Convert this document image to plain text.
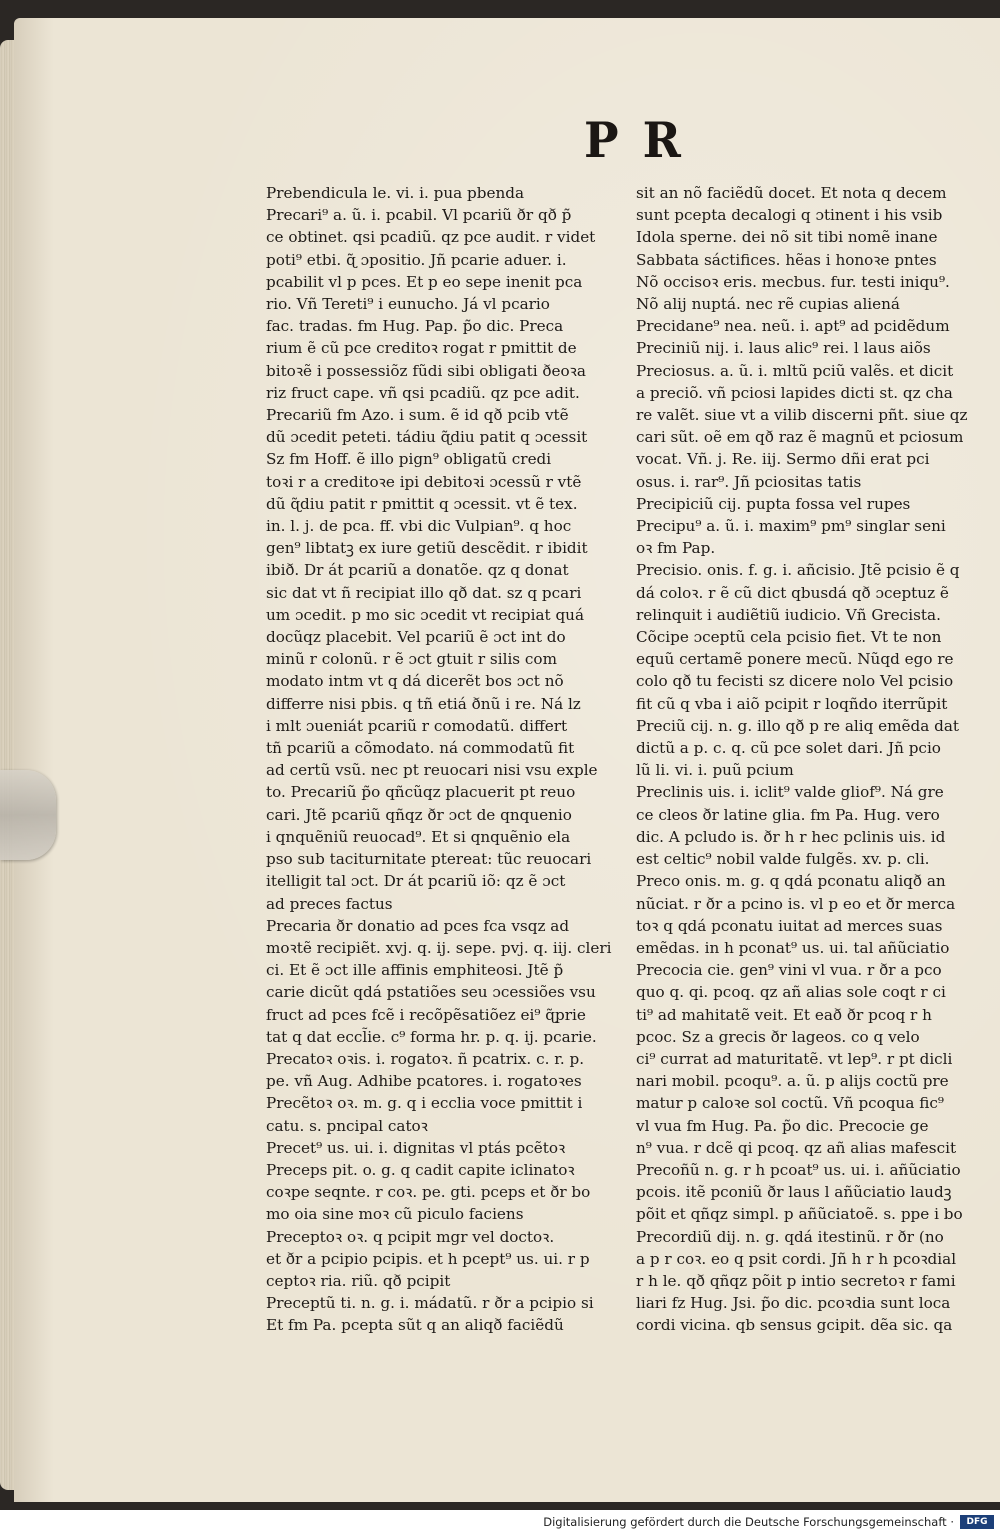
P R
Prebendicula le. vi. i. pua pbenda
Precari⁹ a. ũ. i. pcabil. Vl pcariũ ðr qð p̃
ce obtinet. qsi pcadiũ. qz pce audit. r videt
poti⁹ etbi. ɋ̃ ɔpositio. Jñ pcarie aduer. i.
pcabilit vl p pces. Et p eo sepe inenit pca
rio. Vñ Tereti⁹ i eunucho. Já vl pcario
fac. tradas. fm Hug. Pap. p̃o dic. Preca
rium ẽ cũ pce creditoꝛ rogat r pmittit de
bitoꝛẽ i possessiõz fũdi sibi obligati ðeoꝛa
riz fruct cape. vñ qsi pcadiũ. qz pce adit.
Precariũ fm Azo. i sum. ẽ id qð pcib vtẽ
dũ ɔcedit peteti. tádiu ɋ̃diu patit q ɔcessit
Sz fm Hoff. ẽ illo pign⁹ obligatũ credi
toꝛi r a creditoꝛe ipi debitoꝛi ɔcessũ r vtẽ
dũ ɋ̃diu patit r pmittit q ɔcessit. vt ẽ tex.
in. l. j. de pca. ff. vbi dic Vulpian⁹. q hoc
gen⁹ libtatꝫ ex iure getiũ descẽdit. r ibidit
ibið. Dr át pcariũ a donatõe. qz q donat
sic dat vt ñ recipiat illo qð dat. sz q pcari
um ɔcedit. p mo sic ɔcedit vt recipiat quá
docũqz placebit. Vel pcariũ ẽ ɔct int do
minũ r colonũ. r ẽ ɔct gtuit r silis com
modato intm vt q dá dicerẽt bos ɔct nõ
differre nisi pbis. q tñ etiá ðnũ i re. Ná lz
i mlt ɔueniát pcariũ r comodatũ. differt
tñ pcariũ a cõmodato. ná commodatũ fit
ad certũ vsũ. nec pt reuocari nisi vsu exple
to. Precariũ p̃o qñcũqz placuerit pt reuo
cari. Jtẽ pcariũ qñqz ðr ɔct de qnquenio
i qnquẽniũ reuocad⁹. Et si qnquẽnio ela
pso sub taciturnitate ptereat: tũc reuocari
itelligit tal ɔct. Dr át pcariũ iõ: qz ẽ ɔct
ad preces factus
Precaria ðr donatio ad pces fca vsqz ad
moꝛtẽ recipiẽt. xvj. q. ij. sepe. pvj. q. iij. cleri
ci. Et ẽ ɔct ille affinis emphiteosi. Jtẽ p̃
carie dicũt qdá pstatiões seu ɔcessiões vsu
fruct ad pces fcẽ i recõpẽsatiõez ei⁹ ɋ̃prie
tat q dat eccl̃ie. c⁹ forma hr. p. q. ij. pcarie.
Precatoꝛ oꝛis. i. rogatoꝛ. ñ pcatrix. c. r. p.
pe. vñ Aug. Adhibe pcatores. i. rogatoꝛes
Precẽtoꝛ oꝛ. m. g. q i ecclia voce pmittit i
catu. s. pncipal catoꝛ
Precet⁹ us. ui. i. dignitas vl ptás pcẽtoꝛ
Preceps pit. o. g. q cadit capite iclinatoꝛ
coꝛpe seqnte. r coꝛ. pe. gti. pceps et ðr bo
mo oia sine moꝛ cũ piculo faciens
Preceptoꝛ oꝛ. q pcipit mgr vel doctoꝛ.
et ðr a pcipio pcipis. et h pcept⁹ us. ui. r p
ceptoꝛ ria. riũ. qð pcipit
Preceptũ ti. n. g. i. mádatũ. r ðr a pcipio si
Et fm Pa. pcepta sũt q an aliqð faciẽdũ
sit an nõ faciẽdũ docet. Et nota q decem
sunt pcepta decalogi q ɔtinent i his vsib
Idola sperne. dei nõ sit tibi nomẽ inane
Sabbata sáctifices. hẽas i honoꝛe pntes
Nõ occisoꝛ eris. mecbus. fur. testi iniqu⁹.
Nõ alij nuptá. nec rẽ cupias aliená
Precidane⁹ nea. neũ. i. apt⁹ ad pcidẽdum
Preciniũ nij. i. laus alic⁹ rei. l laus aiõs
Preciosus. a. ũ. i. mltũ pciũ valẽs. et dicit
a preciõ. vñ pciosi lapides dicti st. qz cha
re valẽt. siue vt a vilib discerni pñt. siue qz
cari sũt. oẽ em qð raz ẽ magnũ et pciosum
vocat. Vñ. j. Re. iij. Sermo dñi erat pci
osus. i. rar⁹. Jñ pciositas tatis
Precipiciũ cij. pupta fossa vel rupes
Precipu⁹ a. ũ. i. maxim⁹ pm⁹ singlar seni
oꝛ fm Pap.
Precisio. onis. f. g. i. añcisio. Jtẽ pcisio ẽ q
dá coloꝛ. r ẽ cũ dict qbusdá qð ɔceptuz ẽ
relinquit i audiẽtiũ iudicio. Vñ Grecista.
Cõcipe ɔceptũ cela pcisio fiet. Vt te non
equũ certamẽ ponere mecũ. Nũqd ego re
colo qð tu fecisti sz dicere nolo Vel pcisio
fit cũ q vba i aiõ pcipit r loqñdo iterrũpit
Preciũ cij. n. g. illo qð p re aliq emẽda dat
dictũ a p. c. q. cũ pce solet dari. Jñ pcio
lũ li. vi. i. puũ pcium
Preclinis uis. i. iclit⁹ valde gliof⁹. Ná gre
ce cleos ðr latine glia. fm Pa. Hug. vero
dic. A pcludo is. ðr h r hec pclinis uis. id
est celtic⁹ nobil valde fulgẽs. xv. p. cli.
Preco onis. m. g. q qdá pconatu aliqð an
nũciat. r ðr a pcino is. vl p eo et ðr merca
toꝛ q qdá pconatu iuitat ad merces suas
emẽdas. in h pconat⁹ us. ui. tal añũciatio
Precocia cie. gen⁹ vini vl vua. r ðr a pco
quo q. qi. pcoq. qz añ alias sole coqt r ci
ti⁹ ad mahitatẽ veit. Et eað ðr pcoq r h
pcoc. Sz a grecis ðr lageos. co q velo
ci⁹ currat ad maturitatẽ. vt lep⁹. r pt dicli
nari mobil. pcoqu⁹. a. ũ. p alijs coctũ pre
matur p caloꝛe sol coctũ. Vñ pcoqua fic⁹
vl vua fm Hug. Pa. p̃o dic. Precocie ge
n⁹ vua. r dcẽ qi pcoq. qz añ alias mafescit
Precoñũ n. g. r h pcoat⁹ us. ui. i. añũciatio
pcois. itẽ pconiũ ðr laus l añũciatio laudꝫ
põit et qñqz simpl. p añũciatoẽ. s. ppe i bo
Precordiũ dij. n. g. qdá itestinũ. r ðr (no
a p r coꝛ. eo q psit cordi. Jñ h r h pcoꝛdial
r h le. qð qñqz põit p intio secretoꝛ r fami
liari fz Hug. Jsi. p̃o dic. pcoꝛdia sunt loca
cordi vicina. qb sensus gcipit. dẽa sic. qa
Digitalisierung gefördert durch die Deutsche Forschungsgemeinschaft ·	DFG
